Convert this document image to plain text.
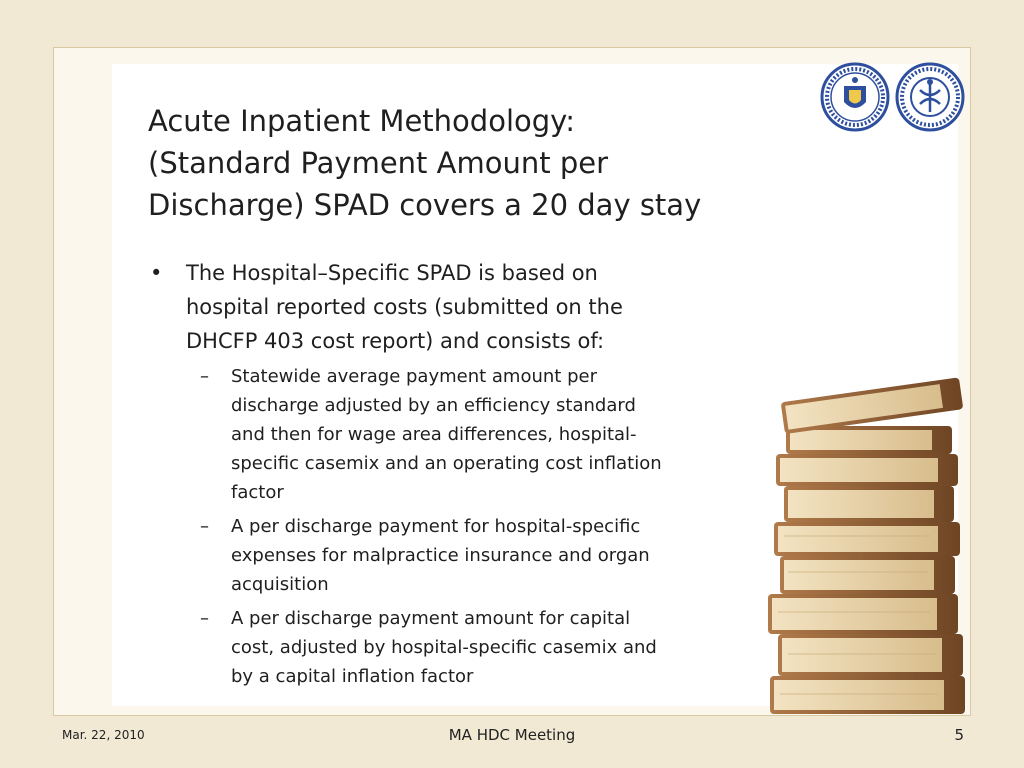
Acute Inpatient Methodology:
(Standard Payment Amount per
Discharge) SPAD covers a 20 day stay
• The Hospital–Specific SPAD is based on
hospital reported costs (submitted on the
DHCFP 403 cost report) and consists of:
– Statewide average payment amount per
discharge adjusted by an efficiency standard
and then for wage area differences, hospital-
specific casemix and an operating cost inflation
factor
– A per discharge payment for hospital-specific
expenses for malpractice insurance and organ
acquisition
– A per discharge payment amount for capital
cost, adjusted by hospital-specific casemix and
by a capital inflation factor
Mar. 22, 2010	MA HDC Meeting	5
